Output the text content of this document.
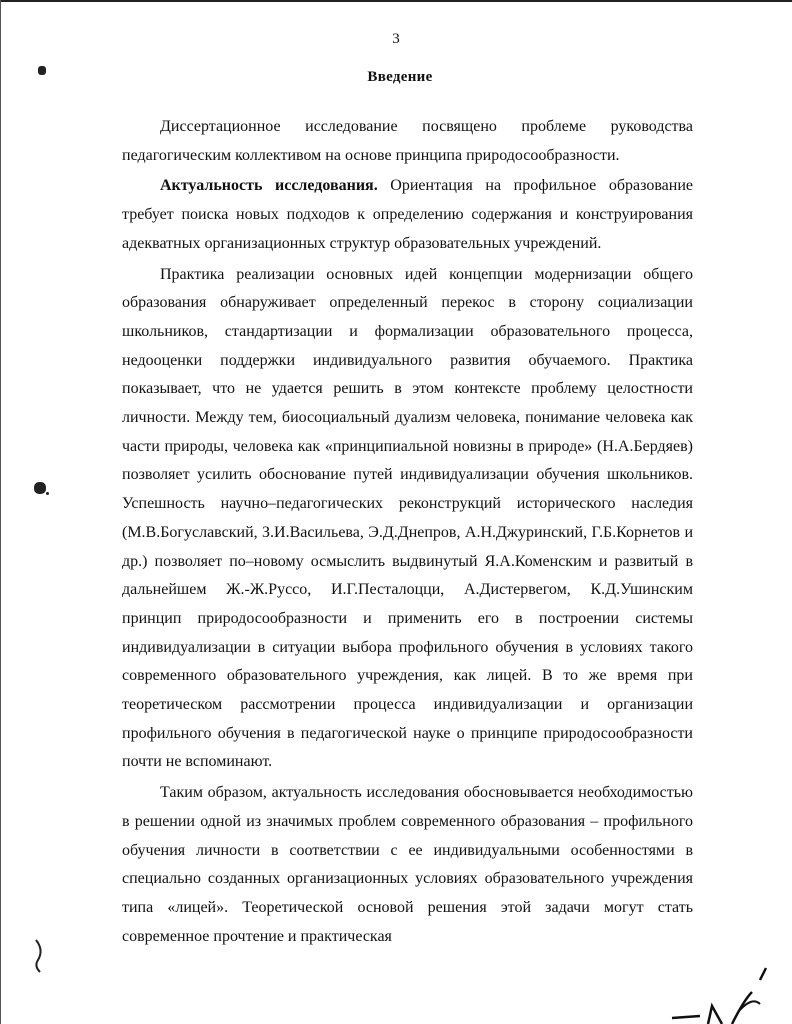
3
Введение

Диссертационное исследование посвящено проблеме руководства педагогическим коллективом на основе принципа природосообразности.

Актуальность исследования. Ориентация на профильное образование требует поиска новых подходов к определению содержания и конструирования адекватных организационных структур образовательных учреждений.

Практика реализации основных идей концепции модернизации общего образования обнаруживает определенный перекос в сторону социализации школьников, стандартизации и формализации образовательного процесса, недооценки поддержки индивидуального развития обучаемого. Практика показывает, что не удается решить в этом контексте проблему целостности личности. Между тем, биосоциальный дуализм человека, понимание человека как части природы, человека как «принципиальной новизны в природе» (Н.А.Бердяев) позволяет усилить обоснование путей индивидуализации обучения школьников. Успешность научно–педагогических реконструкций исторического наследия (М.В.Богуславский, З.И.Васильева, Э.Д.Днепров, А.Н.Джуринский, Г.Б.Корнетов и др.) позволяет по–новому осмыслить выдвинутый Я.А.Коменским и развитый в дальнейшем Ж.-Ж.Руссо, И.Г.Песталоцци, А.Дистервегом, К.Д.Ушинским принцип природосообразности и применить его в построении системы индивидуализации в ситуации выбора профильного обучения в условиях такого современного образовательного учреждения, как лицей. В то же время при теоретическом рассмотрении процесса индивидуализации и организации профильного обучения в педагогической науке о принципе природосообразности почти не вспоминают.

Таким образом, актуальность исследования обосновывается необходимостью в решении одной из значимых проблем современного образования – профильного обучения личности в соответствии с ее индивидуальными особенностями в специально созданных организационных условиях образовательного учреждения типа «лицей». Теоретической основой решения этой задачи могут стать современное прочтение и практическая
